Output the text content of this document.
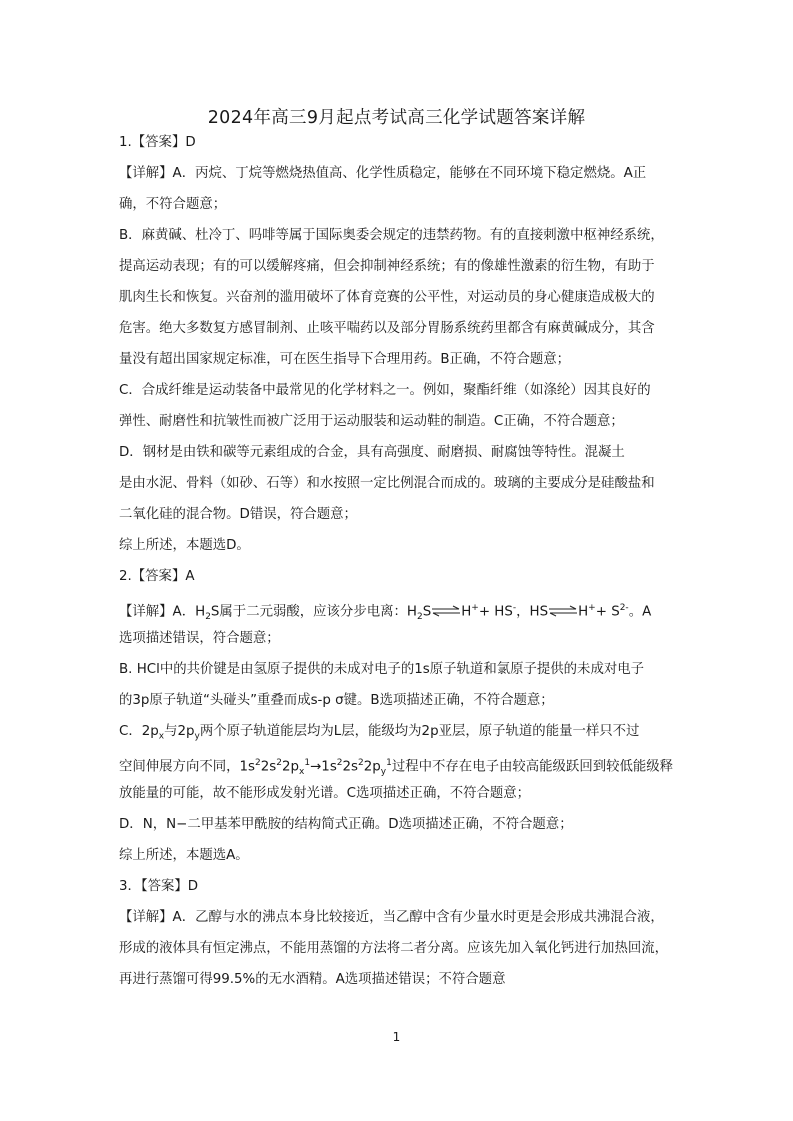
2024年高三9月起点考试高三化学试题答案详解
1.【答案】D
【详解】A．丙烷、丁烷等燃烧热值高、化学性质稳定，能够在不同环境下稳定燃烧。A正
确，不符合题意；
B．麻黄碱、杜冷丁、吗啡等属于国际奥委会规定的违禁药物。有的直接刺激中枢神经系统，
提高运动表现；有的可以缓解疼痛，但会抑制神经系统；有的像雄性激素的衍生物，有助于
肌肉生长和恢复。兴奋剂的滥用破坏了体育竞赛的公平性，对运动员的身心健康造成极大的
危害。绝大多数复方感冒制剂、止咳平喘药以及部分胃肠系统药里都含有麻黄碱成分，其含
量没有超出国家规定标准，可在医生指导下合理用药。B正确，不符合题意；
C．合成纤维是运动装备中最常见的化学材料之一。例如，聚酯纤维（如涤纶）因其良好的
弹性、耐磨性和抗皱性而被广泛用于运动服装和运动鞋的制造。C正确，不符合题意；
D．钢材是由铁和碳等元素组成的合金，具有高强度、耐磨损、耐腐蚀等特性。混凝土
是由水泥、骨料（如砂、石等）和水按照一定比例混合而成的。玻璃的主要成分是硅酸盐和
二氧化硅的混合物。D错误，符合题意；
综上所述，本题选D。
2.【答案】A
【详解】A．$H_2S$属于二元弱酸，应该分步电离：$H_2S\rightleftharpoons H^++ HS^-$，HS⇌H++ $S^{2-}$。A
选项描述错误，符合题意；
B. HCl中的共价键是由氢原子提供的未成对电子的1s原子轨道和氯原子提供的未成对电子
的3p原子轨道“头碰头”重叠而成s-p σ键。B选项描述正确，不符合题意；
C．$2p_x$与$2p_y$两个原子轨道能层均为L层，能级均为2p亚层，原子轨道的能量一样只不过
空间伸展方向不同，$1s^22s^22p_x^1\to 1s^22s^22p_y^1$过程中不存在电子由较高能级跃回到较低能级释
放能量的可能，故不能形成发射光谱。C选项描述正确，不符合题意；
D．N，N−二甲基苯甲酰胺的结构简式正确。D选项描述正确，不符合题意；
综上所述，本题选A。
3．【答案】D
【详解】A．乙醇与水的沸点本身比较接近，当乙醇中含有少量水时更是会形成共沸混合液，
形成的液体具有恒定沸点，不能用蒸馏的方法将二者分离。应该先加入氧化钙进行加热回流，
再进行蒸馏可得99.5%的无水酒精。A选项描述错误；不符合题意
1
